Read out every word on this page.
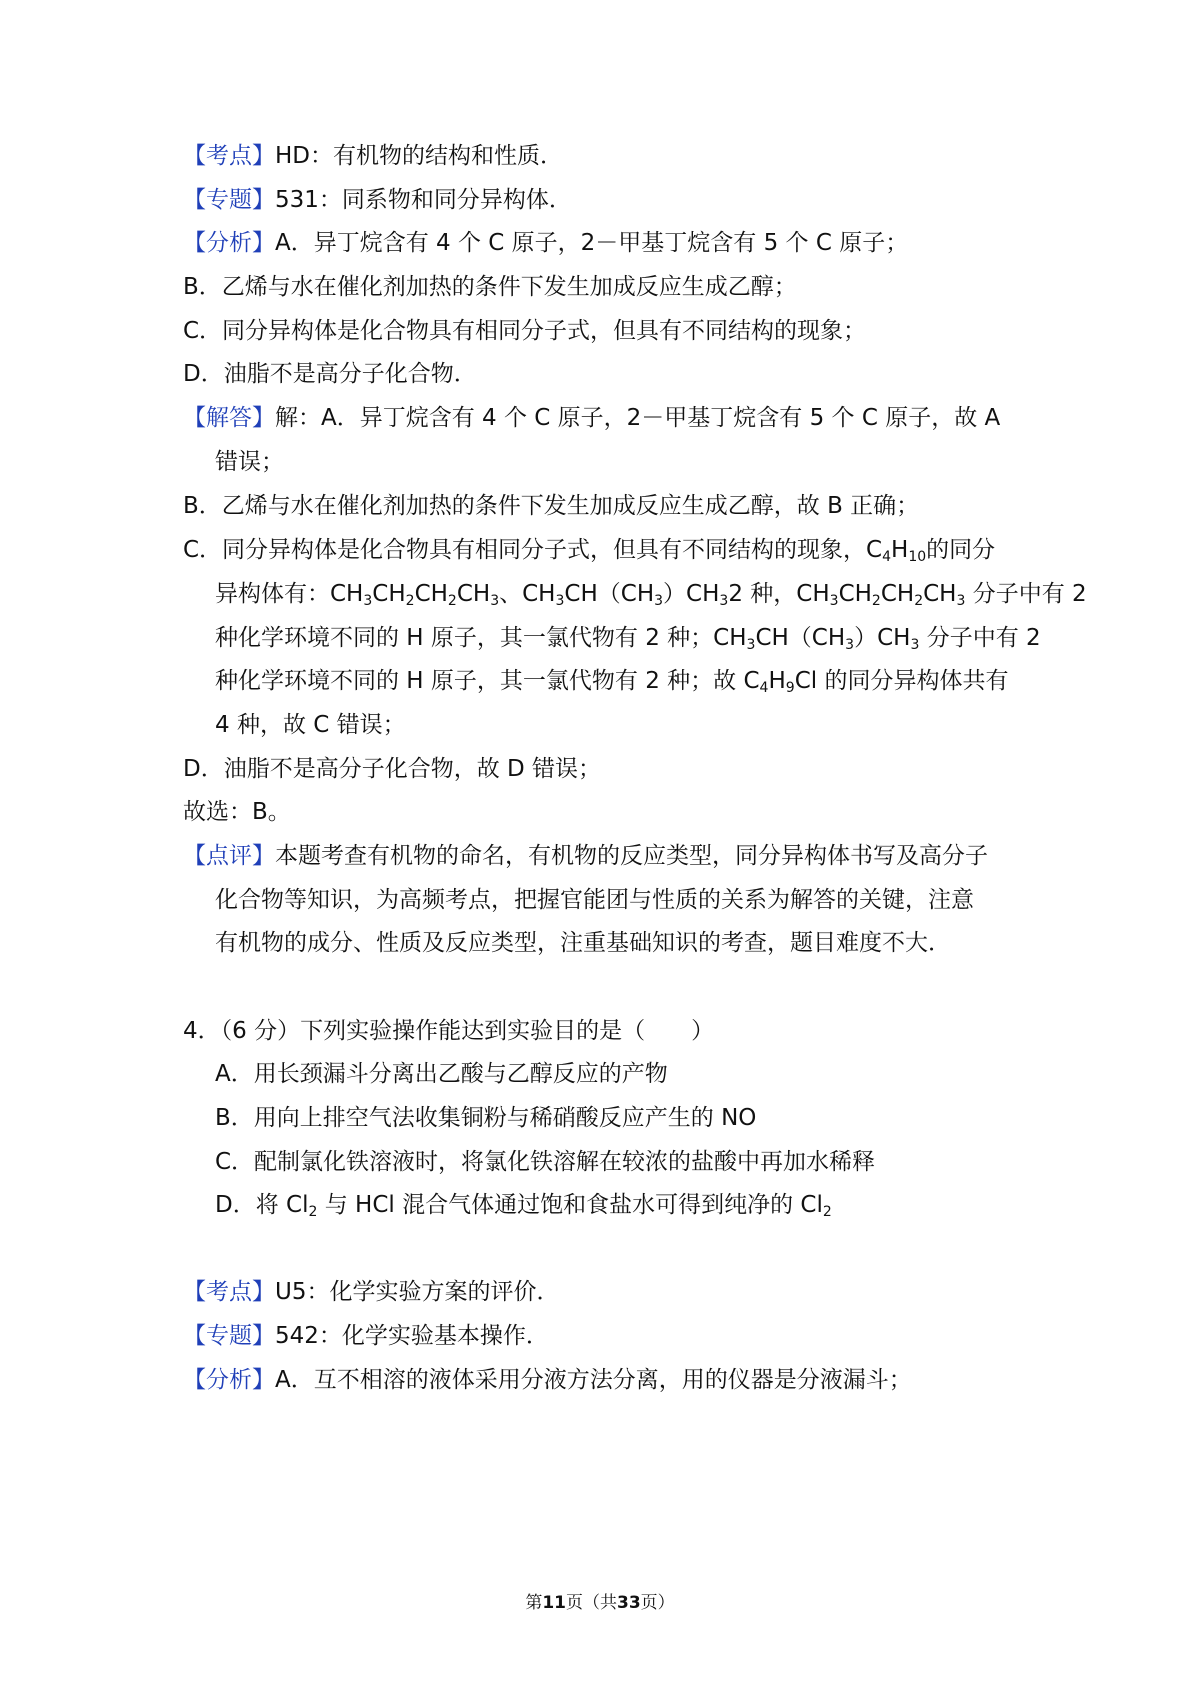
【考点】HD：有机物的结构和性质．
【专题】531：同系物和同分异构体．
【分析】A．异丁烷含有 4 个 C 原子，2－甲基丁烷含有 5 个 C 原子；
B．乙烯与水在催化剂加热的条件下发生加成反应生成乙醇；
C．同分异构体是化合物具有相同分子式，但具有不同结构的现象；
D．油脂不是高分子化合物．
【解答】解：A．异丁烷含有 4 个 C 原子，2－甲基丁烷含有 5 个 C 原子，故 A
错误；
B．乙烯与水在催化剂加热的条件下发生加成反应生成乙醇，故 B 正确；
C．同分异构体是化合物具有相同分子式，但具有不同结构的现象，$C_4H_{10}$的同分
异构体有：$CH_3CH_2CH_2CH_3$、$CH_3CH(CH_3)CH_32$ 种，$CH_3CH_2CH_2CH_3$ 分子中有 2
种化学环境不同的 H 原子，其一氯代物有 2 种；$CH_3CH(CH_3)CH_3$ 分子中有 2
种化学环境不同的 H 原子，其一氯代物有 2 种；故 $C_4H_9Cl$ 的同分异构体共有
4 种，故 C 错误；
D．油脂不是高分子化合物，故 D 错误；
故选：B。
【点评】本题考查有机物的命名，有机物的反应类型，同分异构体书写及高分子
化合物等知识，为高频考点，把握官能团与性质的关系为解答的关键，注意
有机物的成分、性质及反应类型，注重基础知识的考查，题目难度不大．
4．（6 分）下列实验操作能达到实验目的是（　　）
A．用长颈漏斗分离出乙酸与乙醇反应的产物
B．用向上排空气法收集铜粉与稀硝酸反应产生的 NO
C．配制氯化铁溶液时，将氯化铁溶解在较浓的盐酸中再加水稀释
D．将 $Cl_2$ 与 HCl 混合气体通过饱和食盐水可得到纯净的 $Cl_2$
【考点】U5：化学实验方案的评价．
【专题】542：化学实验基本操作．
【分析】A．互不相溶的液体采用分液方法分离，用的仪器是分液漏斗；
第11页（共33页）
